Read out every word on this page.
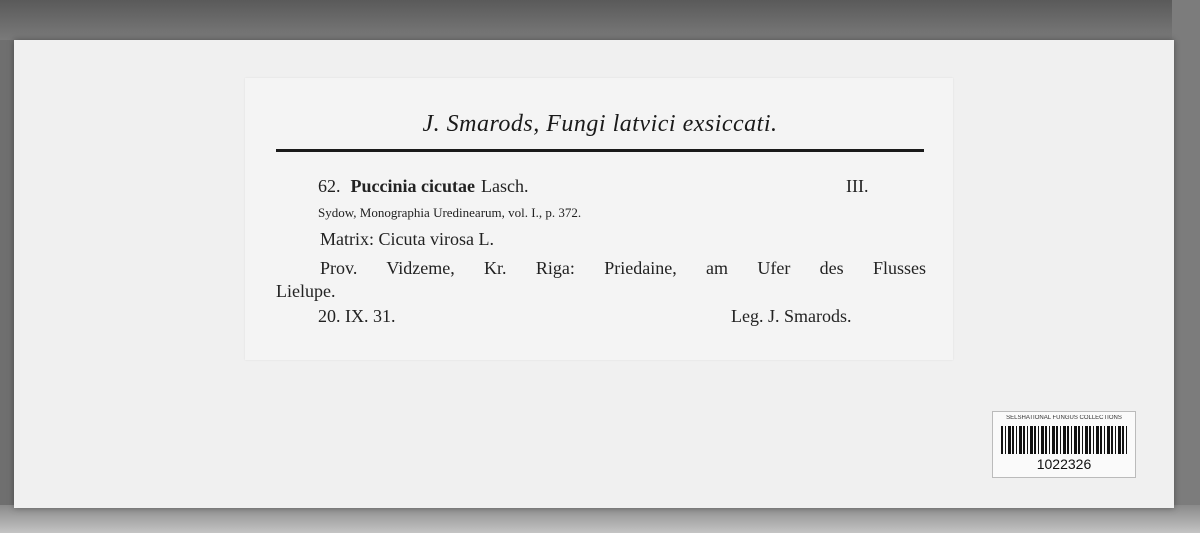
J. Smarods, Fungi latvici exsiccati.
62. Puccinia cicutae Lasch.	III.
Sydow, Monographia Uredinearum, vol. I., p. 372.
Matrix: Cicuta virosa L.
Prov. Vidzeme, Kr. Riga: Priedaine, am Ufer des Flusses
Lielupe.
20. IX. 31.	Leg. J. Smarods.
SELSHATIONAL FUNGUS COLLECTIONS
1022326
